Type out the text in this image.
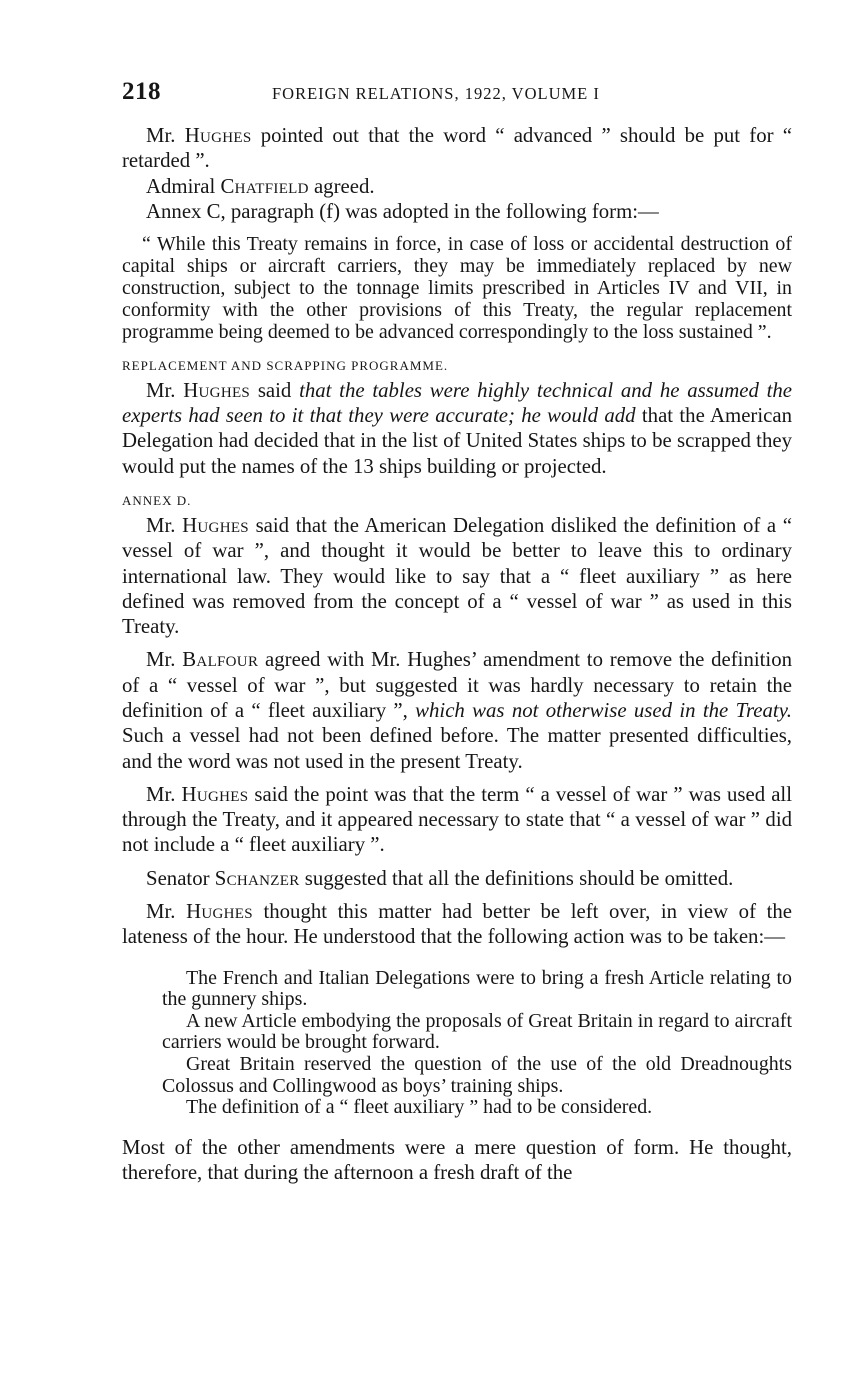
218	FOREIGN RELATIONS, 1922, VOLUME I

Mr. Hughes pointed out that the word “ advanced ” should be put for “ retarded ”.

Admiral Chatfield agreed.

Annex C, paragraph (f) was adopted in the following form:—

“ While this Treaty remains in force, in case of loss or accidental destruction of capital ships or aircraft carriers, they may be immediately replaced by new construction, subject to the tonnage limits prescribed in Articles IV and VII, in conformity with the other provisions of this Treaty, the regular replacement programme being deemed to be advanced correspondingly to the loss sustained ”.

REPLACEMENT AND SCRAPPING PROGRAMME.

Mr. Hughes said that the tables were highly technical and he assumed the experts had seen to it that they were accurate; he would add that the American Delegation had decided that in the list of United States ships to be scrapped they would put the names of the 13 ships building or projected.

ANNEX D.

Mr. Hughes said that the American Delegation disliked the definition of a “ vessel of war ”, and thought it would be better to leave this to ordinary international law. They would like to say that a “ fleet auxiliary ” as here defined was removed from the concept of a “ vessel of war ” as used in this Treaty.

Mr. Balfour agreed with Mr. Hughes’ amendment to remove the definition of a “ vessel of war ”, but suggested it was hardly necessary to retain the definition of a “ fleet auxiliary ”, which was not otherwise used in the Treaty. Such a vessel had not been defined before. The matter presented difficulties, and the word was not used in the present Treaty.

Mr. Hughes said the point was that the term “ a vessel of war ” was used all through the Treaty, and it appeared necessary to state that “ a vessel of war ” did not include a “ fleet auxiliary ”.

Senator Schanzer suggested that all the definitions should be omitted.

Mr. Hughes thought this matter had better be left over, in view of the lateness of the hour. He understood that the following action was to be taken:—

The French and Italian Delegations were to bring a fresh Article relating to the gunnery ships.

A new Article embodying the proposals of Great Britain in regard to aircraft carriers would be brought forward.

Great Britain reserved the question of the use of the old Dreadnoughts Colossus and Collingwood as boys’ training ships.

The definition of a “ fleet auxiliary ” had to be considered.

Most of the other amendments were a mere question of form. He thought, therefore, that during the afternoon a fresh draft of the
